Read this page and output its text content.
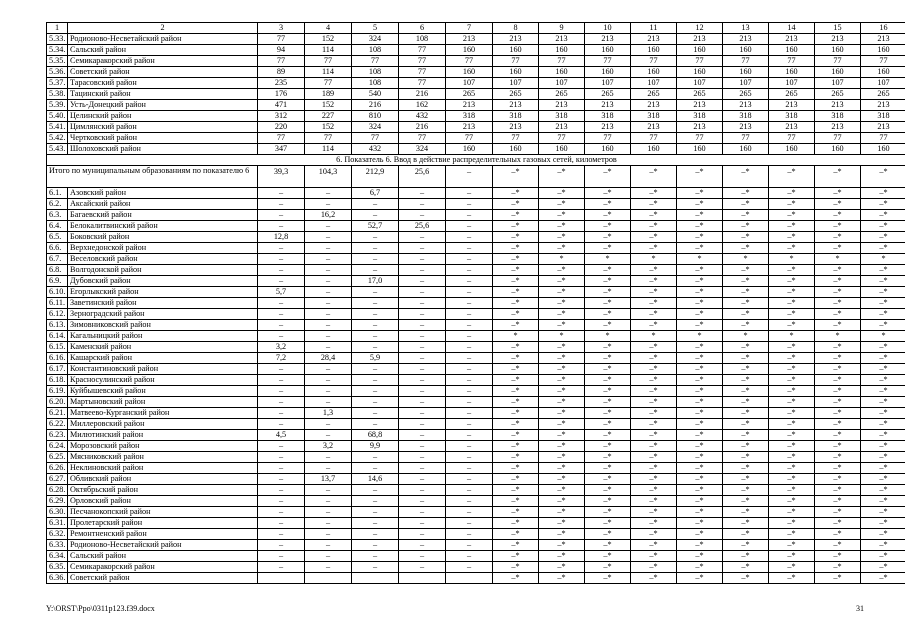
1	2	3	4	5	6	7	8	9	10	11	12	13	14	15	16
5.33.	Родионово-Несветайский район	77	152	324	108	213	213	213	213	213	213	213	213	213	213
5.34.	Сальский район	94	114	108	77	160	160	160	160	160	160	160	160	160	160
5.35.	Семикаракорский район	77	77	77	77	77	77	77	77	77	77	77	77	77	77
5.36.	Советский район	89	114	108	77	160	160	160	160	160	160	160	160	160	160
5.37.	Тарасовский район	235	77	108	77	107	107	107	107	107	107	107	107	107	107
5.38.	Тацинский район	176	189	540	216	265	265	265	265	265	265	265	265	265	265
5.39.	Усть-Донецкий район	471	152	216	162	213	213	213	213	213	213	213	213	213	213
5.40.	Целинский район	312	227	810	432	318	318	318	318	318	318	318	318	318	318
5.41.	Цимлянский район	220	152	324	216	213	213	213	213	213	213	213	213	213	213
5.42.	Чертковский район	77	77	77	77	77	77	77	77	77	77	77	77	77	77
5.43.	Шолоховский район	347	114	432	324	160	160	160	160	160	160	160	160	160	160
6. Показатель 6. Ввод в действие распределительных газовых сетей, километров															
Итого по муниципальным образованиям по показателю 6		39,3	104,3	212,9	25,6	–	–*	–*	–*	–*	–*	–*	–*	–*	–*
6.1.	Азовский район	–	–	6,7	–	–	–*	–*	–*	–*	–*	–*	–*	–*	–*
6.2.	Аксайский район	–	–	–	–	–	–*	–*	–*	–*	–*	–*	–*	–*	–*
6.3.	Багаевский район	–	16,2	–	–	–	–*	–*	–*	–*	–*	–*	–*	–*	–*
6.4.	Белокалитвинский район	–	–	52,7	25,6	–	–*	–*	–*	–*	–*	–*	–*	–*	–*
6.5.	Боковский район	12,8	–	–	–	–	–*	–*	–*	–*	–*	–*	–*	–*	–*
6.6.	Верхнедонской район	–	–	–	–	–	–*	–*	–*	–*	–*	–*	–*	–*	–*
6.7.	Веселовский район	–	–	–	–	–	–*	*	*	*	*	*	*	*	*
6.8.	Волгодонской район	–	–	–	–	–	–*	–*	–*	–*	–*	–*	–*	–*	–*
6.9.	Дубовский район	–	–	17,0	–	–	–*	–*	–*	–*	–*	–*	–*	–*	–*
6.10.	Егорлыкский район	5,7	–	–	–	–	–*	–*	–*	–*	–*	–*	–*	–*	–*
6.11.	Заветинский район	–	–	–	–	–	–*	–*	–*	–*	–*	–*	–*	–*	–*
6.12.	Зерноградский район	–	–	–	–	–	–*	–*	–*	–*	–*	–*	–*	–*	–*
6.13.	Зимовниковский район	–	–	–	–	–	–*	–*	–*	–*	–*	–*	–*	–*	–*
6.14.	Кагальницкий район	–	–	–	–	–	*	*	*	*	*	*	*	*	*
6.15.	Каменский район	3,2	–	–	–	–	–*	–*	–*	–*	–*	–*	–*	–*	–*
6.16.	Кашарский район	7,2	28,4	5,9	–	–	–*	–*	–*	–*	–*	–*	–*	–*	–*
6.17.	Константиновский район	–	–	–	–	–	–*	–*	–*	–*	–*	–*	–*	–*	–*
6.18.	Красносулинский район	–	–	–	–	–	–*	–*	–*	–*	–*	–*	–*	–*	–*
6.19.	Куйбышевский район	–	–	–	–	–	–*	–*	–*	–*	–*	–*	–*	–*	–*
6.20.	Мартыновский район	–	–	–	–	–	–*	–*	–*	–*	–*	–*	–*	–*	–*
6.21.	Матвеево-Курганский район	–	1,3	–	–	–	–*	–*	–*	–*	–*	–*	–*	–*	–*
6.22.	Миллеровский район	–	–	–	–	–	–*	–*	–*	–*	–*	–*	–*	–*	–*
6.23.	Милютинский район	4,5	–	68,8	–	–	–*	–*	–*	–*	–*	–*	–*	–*	–*
6.24.	Морозовский район	–	3,2	9,9	–	–	–*	–*	–*	–*	–*	–*	–*	–*	–*
6.25.	Мясниковский район	–	–	–	–	–	–*	–*	–*	–*	–*	–*	–*	–*	–*
6.26.	Неклиновский район	–	–	–	–	–	–*	–*	–*	–*	–*	–*	–*	–*	–*
6.27.	Обливский район	–	13,7	14,6	–	–	–*	–*	–*	–*	–*	–*	–*	–*	–*
6.28.	Октябрьский район	–	–	–	–	–	–*	–*	–*	–*	–*	–*	–*	–*	–*
6.29.	Орловский район	–	–	–	–	–	–*	–*	–*	–*	–*	–*	–*	–*	–*
6.30.	Песчанокопский район	–	–	–	–	–	–*	–*	–*	–*	–*	–*	–*	–*	–*
6.31.	Пролетарский район	–	–	–	–	–	–*	–*	–*	–*	–*	–*	–*	–*	–*
6.32.	Ремонтненский район	–	–	–	–	–	–*	–*	–*	–*	–*	–*	–*	–*	–*
6.33.	Родионово-Несветайский район	–	–	–	–	–	–*	–*	–*	–*	–*	–*	–*	–*	–*
6.34.	Сальский район	–	–	–	–	–	–*	–*	–*	–*	–*	–*	–*	–*	–*
6.35.	Семикаракорский район	–	–	–	–	–	–*	–*	–*	–*	–*	–*	–*	–*	–*
6.36.	Советский район						–*	–*	–*	–*	–*	–*	–*	–*	–*
Y:\ORST\Ppo\0311p123.f39.docx	31
